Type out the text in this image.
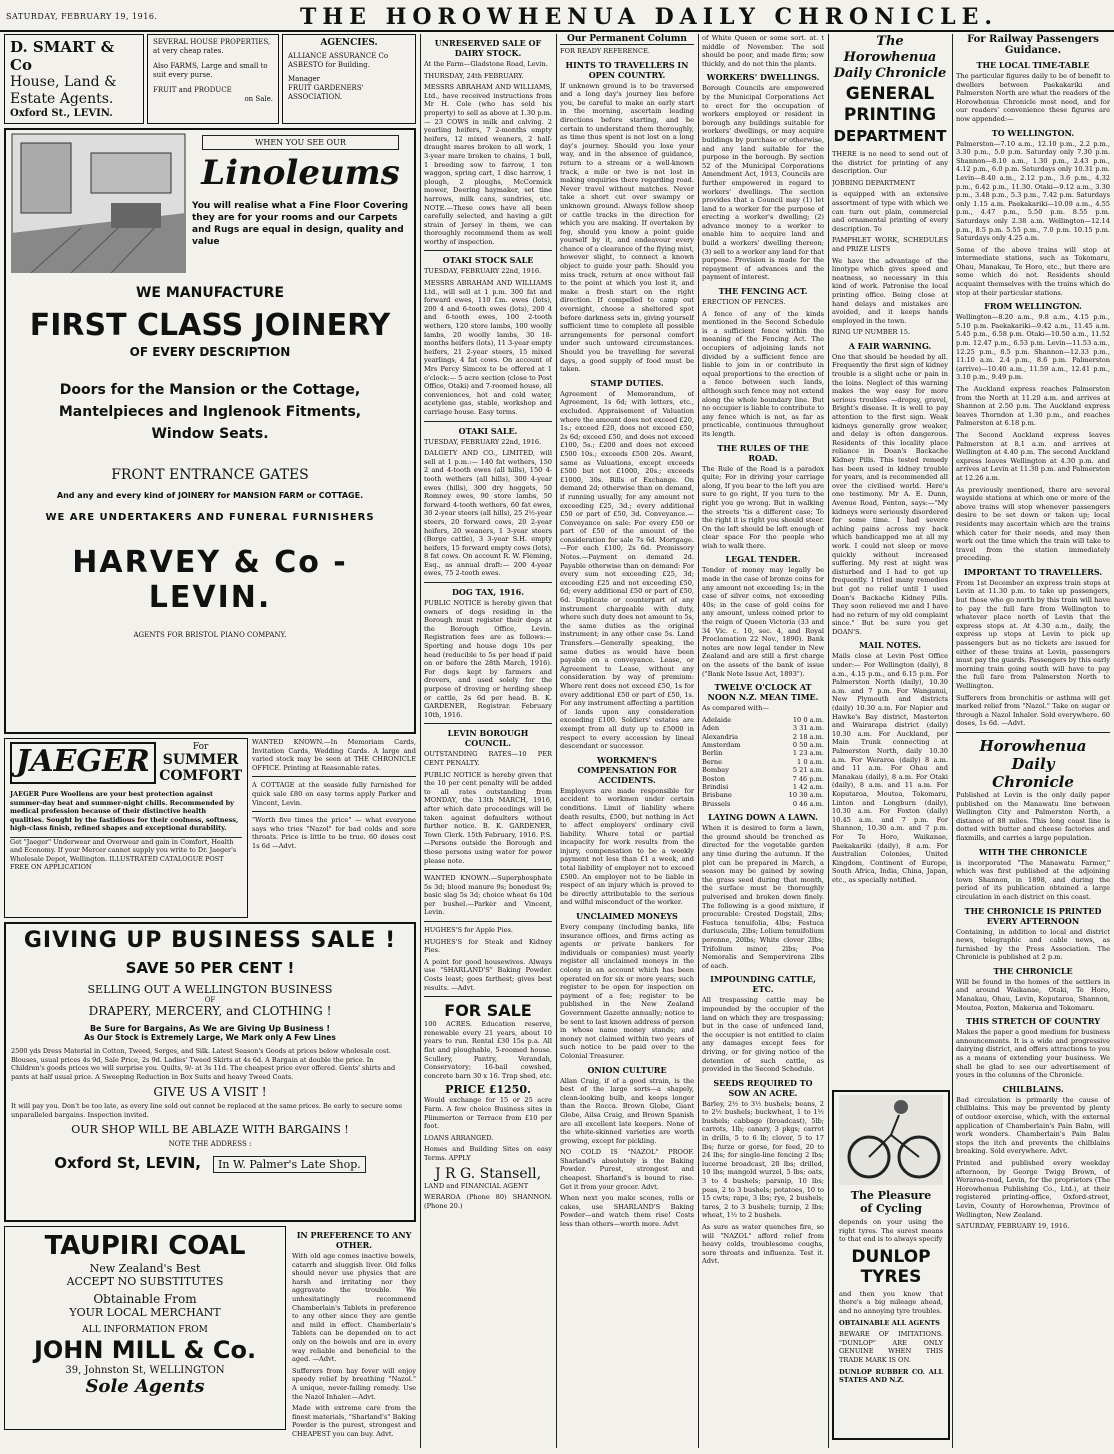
SATURDAY, FEBRUARY 19, 1916.	THE HOROWHENUA DAILY CHRONICLE.
D. SMART & Co
House, Land &
Estate Agents.
Oxford St., LEVIN.
SEVERAL HOUSE PROPERTIES, at very cheap rates.
Also FARMS, Large and small to suit every purse.
FRUIT and PRODUCE
on Sale.
AGENCIES.
ALLIANCE ASSURANCE Co
ASBESTO for Building.
Manager
FRUIT GARDENERS' ASSOCIATION.
WHEN YOU SEE OUR
Linoleums
You will realise what a Fine Floor Covering they are for your rooms and our Carpets and Rugs are equal in design, quality and value
WE MANUFACTURE
FIRST CLASS JOINERY
OF EVERY DESCRIPTION
Doors for the Mansion or the Cottage,
Mantelpieces and Inglenook Fitments,
Window Seats.
FRONT ENTRANCE GATES
And any and every kind of JOINERY for MANSION FARM or COTTAGE.
WE ARE UNDERTAKERS AND FUNERAL FURNISHERS
HARVEY & Co - LEVIN.
AGENTS FOR BRISTOL PIANO COMPANY.
JAEGER	For
SUMMER
COMFORT
JAEGER Pure Woollens are your best protection against summer-day heat and summer-night chills. Recommended by medical profession because of their distinctive health qualities. Sought by the fastidious for their coolness, softness, high-class finish, refined shapes and exceptional durability.
Get "Jaeger" Underwear and Overwear and gain in Comfort, Health and Economy. If your Mercer cannot supply you write to Dr. Jaeger's Wholesale Depot, Wellington. ILLUSTRATED CATALOGUE POST FREE ON APPLICATION
WANTED KNOWN.—In Memoriam Cards, Invitation Cards, Wedding Cards. A large and varied stock may be seen at THE CHRONICLE OFFICE. Printing at Reasonable rates.
A COTTAGE at the seaside fully furnished for quick sale £80 on easy terms apply Parker and Vincent, Levin.
"Worth five times the price" — what everyone says who tries "Nazol" for bad colds and sore throats. Price is little to be true. 60 doses cost 1s 6d —Advt.
GIVING UP BUSINESS SALE !
SAVE 50 PER CENT !
SELLING OUT A WELLINGTON BUSINESS
OF
DRAPERY, MERCERY, and CLOTHING !
Be Sure for Bargains, As We are Giving Up Business !
As Our Stock is Extremely Large, We Mark only A Few Lines
2500 yds Dress Material in Cotton, Tweed, Serges, and Silk. Latest Season's Goods at prices below wholesale cost. Blouses, usual prices 4s 9d, Sale Price, 2s 9d. Ladies' Tweed Skirts at 4s 6d. A Bargain at double the price. In Children's goods prices we will surprise you. Quilts, 9/- at 3s 11d. The cheapest price ever offered. Gents' shirts and pants at half usual price. A Sweeping Reduction in Box Suits and heavy Tweed Coats.
GIVE US A VISIT !
It will pay you. Don't be too late, as every line sold out cannot be replaced at the same prices. Be early to secure some unparalleled bargains. Inspection invited.
OUR SHOP WILL BE ABLAZE WITH BARGAINS !
NOTE THE ADDRESS :
Oxford St, LEVIN,	In W. Palmer's Late Shop.
TAUPIRI COAL
New Zealand's Best
ACCEPT NO SUBSTITUTES
Obtainable From
YOUR LOCAL MERCHANT
ALL INFORMATION FROM
JOHN MILL & Co.
39, Johnston St, WELLINGTON
Sole Agents
IN PREFERENCE TO ANY OTHER.
With old age comes inactive bowels, catarrh and sluggish liver. Old folks should never use physics that are harsh and irritating nor they aggravate the trouble. We unhesitatingly recommend Chamberlain's Tablets in preference to any other since they are gentle and mild in effect. Chamberlain's Tablets can be depended on to act only on the bowels and are in every way reliable and beneficial to the aged. —Advt.
Sufferers from hay fever will enjoy speedy relief by breathing "Nazol." A unique, never-failing remedy. Use the Nazol Inhaler.—Advt.
Made with extreme care from the finest materials, "Sharland's" Baking Powder is the purest, strongest and CHEAPEST you can buy. Advt.
UNRESERVED SALE OF DAIRY STOCK.
At the Farm—Gladstone Road, Levin.
THURSDAY, 24th FEBRUARY.
MESSRS ABRAHAM AND WILLIAMS, Ltd., have received instructions from Mr H. Cole (who has sold his property) to sell as above at 1.30 p.m.— 23 COWS in milk and calving. 2 yearling heifers, 7 2-months empty heifers, 12 mixed weaners, 2 half-draught mares broken to all work, 1 3-year mare broken to chains, 1 bull, 1 breeding sow to farrow, 1 ton waggon, spring cart, 1 disc harrow, 1 plough, 2 ploughs, McCormick mower, Deering haymaker, set tine harrows, milk cans, sundries, etc. NOTE.—These cows have all been carefully selected, and having a gilt strain of Jersey in them, we can thoroughly recommend them as well worthy of inspection.
OTAKI STOCK SALE
TUESDAY, FEBRUARY 22nd, 1916.
MESSRS ABRAHAM AND WILLIAMS Ltd., will sell at 1 p.m. 300 fat and forward ewes, 110 f.m. ewes (lots), 200 4 and 6-tooth ewes (lots), 200 4 and 6-tooth ewes, 100 2-tooth wethers, 120 store lambs, 100 woolly lambs, 20 woolly lambs, 30 18-months heifers (lots), 11 3-year empty heifers, 21 2-year steers, 15 mixed yearlings, 4 fat cows. On account of Mrs Percy Simcox to be offered at 1 o'clock:— 5 acre section (close to Post Office, Otaki) and 7-roomed house, all conveniences, hot and cold water, acetylene gas, stable, workshop and carriage house. Easy terms.
OTAKI SALE.
TUESDAY, FEBRUARY 22nd, 1916.
DALGETY AND CO., LIMITED, will sell at 1 p.m.:— 140 fat wethers, 150 2 and 4-tooth ewes (all hills), 150 4-tooth wethers (all hills), 300 4-year ewes (hills), 300 dry hoggets, 50 Romney ewes, 90 store lambs, 50 forward 4-tooth wethers, 60 fat ewes, 30 2-year steers (all hills), 25 2½-year steers, 20 forward cows, 20 2-year heifers, 20 weaners, 1 3-year steers (Borge cattle), 3 3-year S.H. empty heifers, 15 forward empty cows (lots), 8 fat cows. On account R. W. Fleming, Esq., as annual draft:— 200 4-year ewes, 75 2-tooth ewes.
DOG TAX, 1916.
PUBLIC NOTICE is hereby given that owners of dogs residing in the Borough must register their dogs at the Borough Office, Levin. Registration fees are as follows:—Sporting and house dogs 10s per head (reducible to 5s per head if paid on or before the 28th March, 1916). For dogs kept by farmers and drovers, and used solely for the purpose of droving or herding sheep or cattle, 2s 6d per head. B. K. GARDENER, Registrar. February 10th, 1916.
LEVIN BOROUGH COUNCIL.
OUTSTANDING RATES—10 PER CENT PENALTY.
PUBLIC NOTICE is hereby given that the 10 per cent penalty will be added to all rates outstanding from MONDAY, the 13th MARCH, 1916, after which date proceedings will be taken against defaulters without further notice. B. K. GARDENER, Town Clerk. 15th February, 1916. P.S.—Persons outside the Borough and those persons using water for power please note.
WANTED KNOWN.—Superphosphate 5s 3d; blood manure 9s; bonedust 9s; basic slag 5s 3d; choice wheat 6s 10d per bushel.—Parker and Vincent, Levin.
HUGHES'S for Apple Pies.
HUGHES'S for Steak and Kidney Pies.
A point for good housewives. Always use "SHARLAND'S" Baking Powder. Costs least; goes farthest; gives best results. —Advt.
FOR SALE
100 ACRES. Education reserve, renewable every 21 years, about 10 years to run. Rental £30 15s p.a. All flat and ploughable, 5-roomed house. Scullery, Pantry, Verandah, Conservatory; 16-bail cowshed, concrete barn 30 x 16. Trap shed, etc.
PRICE £1250.
Would exchange for 15 or 25 acre Farm. A few choice Business sites in Plimmerton or Terrace from £10 per foot.
LOANS ARRANGED.
Homes and Building Sites on easy Terms. APPLY
J R G. Stansell,
LAND and FINANCIAL AGENT
WERAROA (Phone 80) SHANNON. (Phone 20.)
Our Permanent Column
FOR READY REFERENCE.
HINTS TO TRAVELLERS IN OPEN COUNTRY.
If unknown ground is to be traversed and a long day's journey lies before you, be careful to make an early start in the morning, ascertain leading directions before starting, and be certain to understand them thoroughly, as time thus spent is not lost on a long day's journey. Should you lose your way, and in the absence of guidance, return to a stream or a well-known track, a mile or two is not lost in making enquiries there regarding road. Never travel without matches. Never take a short cut over swampy or unknown ground. Always follow sheep or cattle tracks in the direction for which you are making. If overtaken by fog, should you know a point guide yourself by it, and endeavour every chance of a clearance of the flying mist, however slight, to connect a known object to guide your path. Should you miss track, return at once without fail to the point at which you lost it, and make a fresh start on the right direction. If compelled to camp out overnight, choose a sheltered spot before darkness sets in, giving yourself sufficient time to complete all possible arrangements for personal comfort under such untoward circumstances. Should you be travelling for several days, a good supply of food must be taken.
STAMP DUTIES.
Agreement of Memorandum, of Agreement, 1s 6d; with letters, etc., excluded. Appraisement of Valuation where the amount does not exceed £20, 1s.; exceed £20, does not exceed £50, 2s 6d; exceed £50, and does not exceed £100, 5s.; £200 and does not exceed £500 10s.; exceeds £500 20s. Award, same as Valuations, except exceeds £500 but not £1000, 20s.; exceeds £1000, 30s. Bills of Exchange. On demand 2d; otherwise than on demand, if running usually, for any amount not exceeding £25, 3d.; every additional £50 or part of £50, 3d. Conveyance.—Conveyance on sale: For every £50 or part of £50 of the amount of the consideration for sale 7s 6d. Mortgage.—For each £100, 2s 6d. Promissory Notes.—Payment on demand 2d. Payable otherwise than on demand: For every sum not exceeding £25, 3d; exceeding £25 and not exceeding £50, 6d; every additional £50 or part of £50, 6d. Duplicate or counterpart of any instrument chargeable with duty, where such duty does not amount to 5s, the same duties as the original instrument; in any other case 5s. Land Transfers.—Generally speaking, the same duties as would have been payable on a conveyance. Lease, or Agreement to Lease, without any consideration by way of premium: Where rent does not exceed £50, 1s for every additional £50 or part of £50, 1s. For any instrument affecting a partition of lands upon any consideration exceeding £100. Soldiers' estates are exempt from all duty up to £5000 in respect to every accession by lineal descendant or successor.
WORKMEN'S COMPENSATION FOR ACCIDENTS.
Employers are made responsible for accident to workmen under certain conditions. Limit of liability where death results, £500, but nothing in Act to affect employers' ordinary civil liability. Where total or partial incapacity for work results from the injury, compensation to be a weekly payment not less than £1 a week, and total liability of employer not to exceed £500. An employer not to be liable in respect of an injury which is proved to be directly attributable to the serious and wilful misconduct of the worker.
UNCLAIMED MONEYS
Every company (including banks, life insurance offices, and firms acting as agents or private bankers for individuals or companies) must yearly register all unclaimed moneys in the colony in an account which has been operated on for six or more years; such register to be open for inspection on payment of a fee; register to be published in the New Zealand Government Gazette annually; notice to be sent to last known address of person in whose name money stands; and money not claimed within two years of such notice to be paid over to the Colonial Treasurer.
ONION CULTURE
Allan Craig, if of a good strain, is the best of the large sorts—a shapely, clean-looking bulb, and keeps longer than the Rocca. Brown Globe, Giant Globe, Ailsa Craig, and Brown Spanish are all excellent late keepers. None of the white-skinned varieties are worth growing, except for pickling.
NO COLD IS "NAZOL" PROOF. Sharland's absolutely is the Baking Powder. Purest, strongest and cheapest. Sharland's is bound to rise. Get it from your grocer. Advt.
When next you make scones, rolls or cakes, use SHARLAND'S Baking Powder—and watch them rise! Costs less than others—worth more. Advt
of White Queen or some sort. at. t middle of November. The soil should be poor, and made firm; sow thickly, and do not thin the plants.
WORKERS' DWELLINGS.
Borough Councils are empowered by the Municipal Corporations Act to erect for the occupation of workers employed or resident in borough any buildings suitable for workers' dwellings, or may acquire buildings by purchase or otherwise, and any land suitable for the purpose in the borough. By section 52 of the Municipal Corporations Amendment Act, 1913, Councils are further empowered in regard to workers' dwellings. The section provides that a Council may (1) let land to a worker for the purpose of erecting a worker's dwelling; (2) advance money to a worker to enable him to acquire land and build a workers' dwelling thereon; (3) sell to a worker any land for that purpose. Provision is made for the repayment of advances and the payment of interest.
THE FENCING ACT.
ERECTION OF FENCES.
A fence of any of the kinds mentioned in the Second Schedule is a sufficient fence within the meaning of the Fencing Act. The occupiers of adjoining lands not divided by a sufficient fence are liable to join in or contribute in equal proportions to the erection of a fence between such lands, although such fence may not extend along the whole boundary line. But no occupier is liable to contribute to any fence which is not, as far as practicable, continuous throughout its length.
THE RULES OF THE ROAD.
The Rule of the Road is a paradox quite; For in driving your carriage along, If you bear to the left you are sure to go right, If you turn to the right you go wrong. But in walking the streets 'tis a different case; To the right it is right you should steer. On the left should be left enough of clear space For the people who wish to walk there.
LEGAL TENDER.
Tender of money may legally be made in the case of bronze coins for any amount not exceeding 1s; in the case of silver coins, not exceeding 40s; in the case of gold coins for any amount, unless coined prior to the reign of Queen Victoria (33 and 34 Vic. c. 10, sec. 4, and Royal Proclamation 22 Nov., 1890). Bank notes are now legal tender in New Zealand and are still a first charge on the assets of the bank of issue ("Bank Note Issue Act, 1893").
TWELVE O'CLOCK AT NOON N.Z. MEAN TIME.
As compared with—
Adelaide	10 0 a.m.
Aden	3 31 a.m.
Alexandria	2 18 a.m.
Amsterdam	0 50 a.m.
Berlin	1 23 a.m.
Berne	1 0 a.m.
Bombay	5 21 a.m.
Boston	7 46 p.m.
Brindisi	1 42 a.m.
Brisbane	10 30 a.m.
Brussels	0 46 a.m.
LAYING DOWN A LAWN.
When it is desired to form a lawn, the ground should be trenched as directed for the vegetable garden any time during the autumn. If the plot can be prepared in March, a season may be gained by sowing the grass seed during that month, the surface must be thoroughly pulverised and broken down finely. The following is a good mixture, if procurable: Crested Dogstail, 2lbs; Festuca tenuifolia, 4lbs; Festuca duriuscula, 2lbs; Lolium tenuifolium perenne, 20lbs; White clover 2lbs; Trifolium minor, 2lbs; Poa Nemoralis and Sempervirens 2lbs of each.
IMPOUNDING CATTLE, ETC.
All trespassing cattle may be impounded by the occupier of the land on which they are trespassing; but in the case of unfenced land, the occupier is not entitled to claim any damages except fees for driving, or for giving notice of the detention of such cattle, as provided in the Second Schedule.
SEEDS REQUIRED TO SOW AN ACRE.
Barley, 2½ to 3½ bushels; beans, 2 to 2½ bushels; buckwheat, 1 to 1½ bushels; cabbage (broadcast), 5lb; carrots, 1lb; canary, 3 pkgs; carrot in drills, 5 to 6 lb; clover, 5 to 17 lbs; furze or gorse, for feed, 20 to 24 lbs; for single-line fencing 2 lbs; lucerne broadcast, 20 lbs; drilled, 10 lbs; mangold wurzel, 5 lbs; oats, 3 to 4 bushels; parsnip, 10 lbs; peas, 2 to 3 bushels; potatoes, 10 to 15 cwts; rape, 3 lbs; rye, 2 bushels; tares, 2 to 3 bushels; turnip, 2 lbs; wheat, 1½ to 2 bushels.
As sure as water quenches fire, so will "NAZOL" afford relief from heavy colds, troublesome coughs, sore throats and influenza. Test it. Advt.
The Horowhenua
Daily Chronicle
GENERAL
PRINTING
DEPARTMENT
THERE is no need to send out of the district for printing of any description. Our
JOBBING DEPARTMENT
is equipped with an extensive assortment of type with which we can turn out plain, commercial and ornamental printing of every description. To
PAMPHLET WORK, SCHEDULES and PRIZE LISTS
We have the advantage of the linotype which gives speed and neatness, so necessary in this kind of work. Patronise the local printing office. Being close at hand delays and mistakes are avoided, and it keeps hands employed in the town.
RING UP NUMBER 15.
A FAIR WARNING.
One that should be heeded by all. Frequently the first sign of kidney trouble is a slight ache or pain in the loins. Neglect of this warning makes the way easy for more serious troubles —dropsy, gravel, Bright's disease. It is well to pay attention to the first sign. Weak kidneys generally grow weaker, and delay is often dangerous. Residents of this locality place reliance in Doan's Backache Kidney Pills. This tested remedy has been used in kidney trouble for years, and is recommended all over the civilised world. Here's one testimony. Mr A. E. Dunn, Avenue Road, Fenton, says:—"My kidneys were seriously disordered for some time. I had severe aching pains across my back which handicapped me at all my work. I could not sleep or move quickly without increased suffering. My rest at night was disturbed and I had to get up frequently. I tried many remedies but got no relief until I used Doan's Backache Kidney Pills. They soon relieved me and I have had no return of my old complaint since." But be sure you get DOAN'S.
MAIL NOTES.
Mails close at Levin Post Office under:— For Wellington (daily), 8 a.m., 4.15 p.m., and 6.15 p.m. For Palmerston North (daily), 10.30 a.m. and 7 p.m. For Wanganui, New Plymouth and districts (daily) 10.30 a.m. For Napier and Hawke's Bay district, Masterton and Wairarapa district (daily) 10.30 a.m. For Auckland, per Main Trunk connecting at Palmerston North, daily 10.30 a.m. For Weraroa (daily) 8 a.m. and 11 a.m. For Ohau and Manakau (daily), 8 a.m. For Otaki (daily), 8 a.m. and 11 a.m. For Koputaroa, Moutoa, Tokomaru, Linton and Longburn (daily), 10.30 a.m. For Foxton (daily) 10.45 a.m. and 7 p.m. For Shannon, 10.30 a.m. and 7 p.m. For Te Horo, Waikanae, Paekakariki (daily), 8 a.m. For Australian Colonies, United Kingdom, Continent of Europe, South Africa, India, China, Japan, etc., as specially notified.
The Pleasure
of Cycling
depends on your using the right tyres. The surest means to that end is to always specify
DUNLOP
TYRES
and then you know that there's a big mileage ahead, and no annoying tyre troubles.
OBTAINABLE ALL AGENTS
BEWARE OF IMITATIONS. "DUNLOP" ARE ONLY GENUINE WHEN THIS TRADE MARK IS ON.
DUNLOP RUBBER CO. ALL STATES AND N.Z.
For Railway Passengers Guidance.
THE LOCAL TIME-TABLE
The particular figures daily to be of benefit to dwellers between Paekakariki and Palmerston North are what the readers of the Horowhenua Chronicle most need, and for our readers' convenience these figures are now appended:—
TO WELLINGTON.
Palmerston—7.10 a.m., 12.10 p.m., 2.2 p.m., 3.30 p.m., 5.0 p.m. Saturday only 7.30 p.m. Shannon—8.10 a.m., 1.30 p.m., 2.43 p.m., 4.12 p.m., 6.0 p.m. Saturdays only 10.31 p.m. Levin—8.40 a.m., 2.12 p.m., 3.6 p.m., 4.32 p.m., 6.42 p.m., 11.30. Otaki—9.12 a.m., 3.30 p.m., 3.48 p.m., 5.3 p.m., 7.42 p.m. Saturdays only 1.15 a.m. Paekakariki—10.09 a.m., 4.55 p.m., 4.47 p.m., 5.50 p.m. 8.55 p.m. Saturdays only 2.38 a.m. Wellington—12.14 p.m., 8.5 p.m. 5.55 p.m., 7.0 p.m. 10.15 p.m. Saturdays only 4.25 a.m.
Some of the above trains will stop at intermediate stations, such as Tokomaru, Ohau, Manakau, Te Horo, etc., but there are some which do not. Residents should acquaint themselves with the trains which do stop at their particular stations.
FROM WELLINGTON.
Wellington—8.20 a.m., 9.8 a.m., 4.15 p.m., 5.10 p.m. Paekakariki—9.42 a.m., 11.45 a.m. 5.45 p.m., 6.58 p.m. Otaki—10.50 a.m., 11.52 p.m. 12.47 p.m., 6.53 p.m. Levin—11.53 a.m., 12.25 p.m., 8.5 p.m. Shannon—12.33 p.m., 11.10 a.m. 2.4 p.m., 8.6 p.m. Palmerston (arrive)—10.40 a.m., 11.59 a.m., 12.41 p.m., 3.10 p.m., 9.49 p.m.
The Auckland express reaches Palmerston from the North at 11.20 a.m. and arrives at Shannon at 2.50 p.m. The Auckland express leaves Thorndon at 1.30 p.m., and reaches Palmerston at 6.18 p.m.
The Second Auckland express leaves Palmerston at 8.1 a.m. and arrives at Wellington at 4.40 p.m. The second Auckland express leaves Wellington at 4.30 p.m. and arrives at Levin at 11.30 p.m. and Palmerston at 12.26 a.m.
As previously mentioned, there are several wayside stations at which one or more of the above trains will stop whenever passengers desire to be set down or taken up; local residents may ascertain which are the trains which cater for their needs, and may then work out the time which the train will take to travel from the station immediately preceding.
IMPORTANT TO TRAVELLERS.
From 1st December an express train stops at Levin at 11.30 p.m. to take up passengers, but those who go north by this train will have to pay the full fare from Wellington to whatever place north of Levin that the express stops at. At 4.30 a.m., daily, the express up stops at Levin to pick up passengers but as no tickets are issued for either of these trains at Levin, passengers must pay the guards. Passengers by this early morning train going south will have to pay the full fare from Palmerston North to Wellington.
Sufferers from bronchitis or asthma will get marked relief from "Nazol." Take on sugar or through a Nazol Inhaler. Sold everywhere. 60 doses, 1s 6d. —Advt.
Horowhenua
Daily
Chronicle
Published at Levin is the only daily paper published on the Manawatu line between Wellington City and Palmerston North, a distance of 88 miles. This long coast line is dotted with butter and cheese factories and flaxmills, and carries a large population.
WITH THE CHRONICLE
is incorporated "The Manawatu Farmer," which was first published at the adjoining town Shannon, in 1898, and during the period of its publication obtained a large circulation in each district on this coast.
THE CHRONICLE IS PRINTED EVERY AFTERNOON
Containing, in addition to local and district news, telegraphic and cable news, as furnished by the Press Association. The Chronicle is published at 2 p.m.
THE CHRONICLE
Will be found in the homes of the settlers in and around Waikanae, Otaki, Te Horo, Manakau, Ohau, Levin, Koputaroa, Shannon, Moutoa, Foxton, Makerua and Tokomaru.
THIS STRETCH OF COUNTRY
Makes the paper a good medium for business announcements. It is a wide and progressive dairying district, and offers attractions to you as a means of extending your business. We shall be glad to see our advertisement of yours in the columns of the Chronicle.
CHILBLAINS.
Bad circulation is primarily the cause of chilblains. This may be prevented by plenty of outdoor exercise, which, with the external application of Chamberlain's Pain Balm, will work wonders. Chamberlain's Pain Balm stops the itch and prevents the chilblains breaking. Sold everywhere. Advt.
Printed and published every weekday afternoon, by George Twigg Brown, of Weraroa-road, Levin, for the proprietors (The Horowhenua Publishing Co., Ltd.), at their registered printing-office, Oxford-street, Levin, County of Horowhenua, Province of Wellington, New Zealand.
SATURDAY, FEBRUARY 19, 1916.
